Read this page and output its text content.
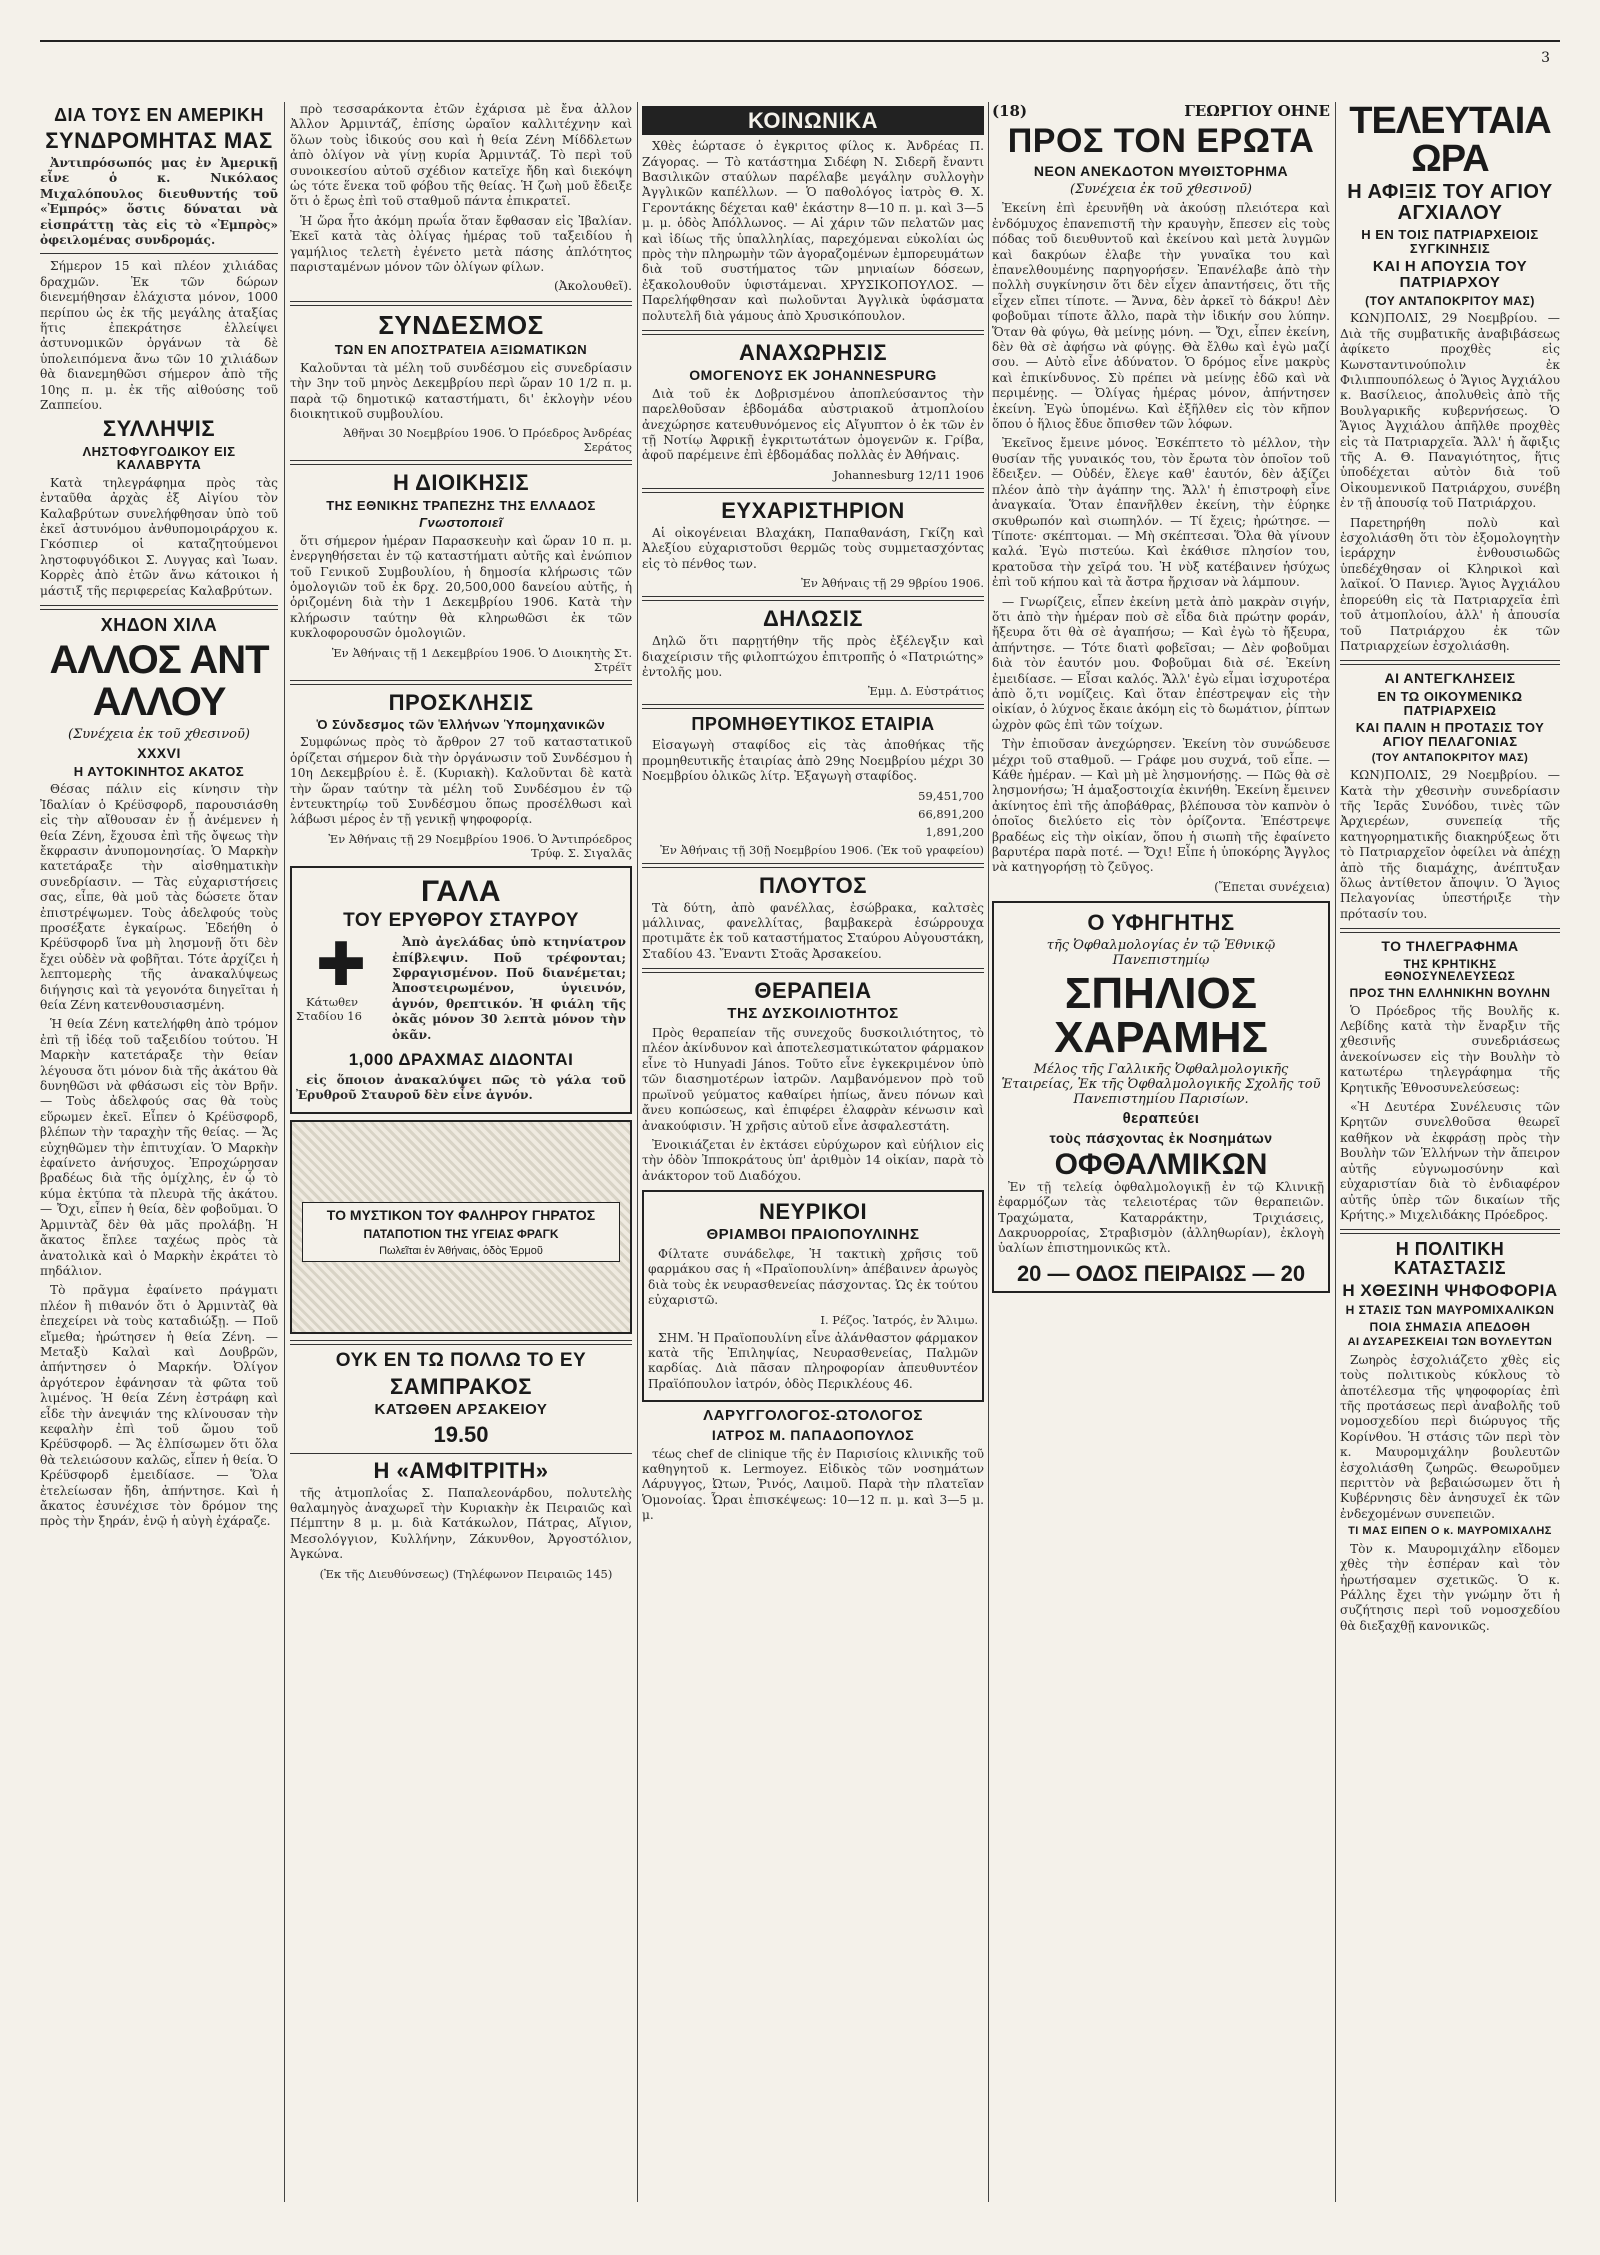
3
ΔΙΑ ΤΟΥΣ ΕΝ ΑΜΕΡΙΚΗ
ΣΥΝΔΡΟΜΗΤΑΣ ΜΑΣ
Ἀντιπρόσωπός μας ἐν Ἀμερικῇ εἶνε ὁ κ. Νικόλαος Μιχαλόπουλος διευθυντής τοῦ «Ἐμπρός» ὅστις δύναται νὰ εἰσπράττῃ τὰς εἰς τὸ «Ἐμπρὸς» ὀφειλομένας συνδρομάς.
Σήμερον 15 καὶ πλέον χιλιάδας δραχμῶν. Ἐκ τῶν δώρων διενεμήθησαν ἐλάχιστα μόνον, 1000 περίπου ὡς ἐκ τῆς μεγάλης ἀταξίας ἥτις ἐπεκράτησε ἐλλείψει ἀστυνομικῶν ὀργάνων τὰ δὲ ὑπολειπόμενα ἄνω τῶν 10 χιλιάδων θὰ διανεμηθῶσι σήμερον ἀπὸ τῆς 10ης π. μ. ἐκ τῆς αἰθούσης τοῦ Ζαππείου.
ΣΥΛΛΗΨΙΣ
ΛΗΣΤΟΦΥΓΟΔΙΚΟΥ ΕΙΣ ΚΑΛΑΒΡΥΤΑ
Κατὰ τηλεγράφημα πρὸς τὰς ἐνταῦθα ἀρχὰς ἐξ Αἰγίου τὸν Καλαβρύτων συνελήφθησαν ὑπὸ τοῦ ἐκεῖ ἀστυνόμου ἀνθυπομοιράρχου κ. Γκόσπιερ οἱ καταζητούμενοι ληστοφυγόδικοι Σ. Λυγγας καὶ Ἰωαν. Κορρὲς ἀπὸ ἐτῶν ἄνω κάτοικοι ἡ μάστιξ τῆς περιφερείας Καλαβρύτων.
ΧΗΔΟΝ ΧΙΛΑ
ΑΛΛΟΣ ΑΝΤ ΑΛΛΟΥ
(Συνέχεια ἐκ τοῦ χθεσινοῦ)
XXXVI
Η ΑΥΤΟΚΙΝΗΤΟΣ ΑΚΑΤΟΣ
Θέσας πάλιν εἰς κίνησιν τὴν Ἰδαλίαν ὁ Κρέϋσφορδ, παρουσιάσθη εἰς τὴν αἴθουσαν ἐν ᾗ ἀνέμενεν ἡ θεία Ζένη, ἔχουσα ἐπὶ τῆς ὄψεως τὴν ἔκφρασιν ἀνυπομονησίας. Ὁ Μαρκὴν κατετάραξε τὴν αἰσθηματικὴν συνεδρίασιν. — Τὰς εὐχαριστήσεις σας, εἶπε, θὰ μοῦ τὰς δώσετε ὅταν ἐπιστρέψωμεν. Τοὺς ἀδελφούς τοὺς προσέξατε ἐγκαίρως. Ἐδεήθη ὁ Κρέϋσφορδ ἵνα μὴ λησμονῇ ὅτι δὲν ἔχει οὐδὲν νὰ φοβῆται. Τότε ἀρχίζει ἡ λεπτομερὴς τῆς ἀνακαλύψεως διήγησις καὶ τὰ γεγονότα διηγεῖται ἡ θεία Ζένη κατενθουσιασμένη.
Ἡ θεία Ζένη κατελήφθη ἀπὸ τρόμον ἐπὶ τῇ ἰδέᾳ τοῦ ταξειδίου τούτου. Ἡ Μαρκὴν κατετάραξε τὴν θείαν λέγουσα ὅτι μόνον διὰ τῆς ἀκάτου θὰ δυνηθῶσι νὰ φθάσωσι εἰς τὸν Βρῆν. — Τοὺς ἀδελφούς σας θὰ τοὺς εὕρωμεν ἐκεῖ. Εἶπεν ὁ Κρέϋσφορδ, βλέπων τὴν ταραχὴν τῆς θείας. — Ἄς εὐχηθῶμεν τὴν ἐπιτυχίαν. Ὁ Μαρκὴν ἐφαίνετο ἀνήσυχος. Ἐπροχώρησαν βραδέως διὰ τῆς ὁμίχλης, ἐν ᾧ τὸ κύμα ἐκτύπα τὰ πλευρὰ τῆς ἀκάτου. — Ὄχι, εἶπεν ἡ θεία, δὲν φοβοῦμαι. Ὁ Ἀρμιντὰζ δὲν θὰ μᾶς προλάβῃ. Ἡ ἄκατος ἔπλεε ταχέως πρὸς τὰ ἀνατολικὰ καὶ ὁ Μαρκὴν ἐκράτει τὸ πηδάλιον.
Τὸ πρᾶγμα ἐφαίνετο πράγματι πλέον ἢ πιθανόν ὅτι ὁ Ἀρμιντὰζ θὰ ἐπεχείρει νὰ τοὺς καταδιώξῃ. — Ποῦ εἴμεθα; ἠρώτησεν ἡ θεία Ζένη. — Μεταξὺ Καλαὶ καὶ Δουβρῶν, ἀπήντησεν ὁ Μαρκήν. Ὀλίγον ἀργότερον ἐφάνησαν τὰ φῶτα τοῦ λιμένος. Ἡ θεία Ζένη ἐστράφη καὶ εἶδε τὴν ἀνεψιάν της κλίνουσαν τὴν κεφαλὴν ἐπὶ τοῦ ὤμου τοῦ Κρέϋσφορδ. — Ἄς ἐλπίσωμεν ὅτι ὅλα θὰ τελειώσουν καλῶς, εἶπεν ἡ θεία. Ὁ Κρέϋσφορδ ἐμειδίασε. — Ὅλα ἐτελείωσαν ἤδη, ἀπήντησε. Καὶ ἡ ἄκατος ἐσυνέχισε τὸν δρόμον της πρὸς τὴν ξηράν, ἐνῷ ἡ αὐγὴ ἐχάραζε.
πρὸ τεσσαράκοντα ἐτῶν ἐχάρισα μὲ ἔνα ἀλλον Ἀλλον Ἀρμιντάζ, ἐπίσης ὡραῖον καλλιτέχνην καὶ ὅλων τοὺς ἰδικούς σου καὶ ἡ θεία Ζένη Μίδδλετων ἀπὸ ὀλίγον νὰ γίνῃ κυρία Ἀρμιντάζ. Τὸ περὶ τοῦ συνοικεσίου αὐτοῦ σχέδιον κατεῖχε ἤδη καὶ διεκόψη ὡς τότε ἕνεκα τοῦ φόβου τῆς θείας. Ἡ ζωὴ μοῦ ἔδειξε ὅτι ὁ ἔρως ἐπὶ τοῦ σταθμοῦ πάντα ἐπικρατεῖ.
Ἡ ὥρα ἦτο ἀκόμη πρωΐα ὅταν ἔφθασαν εἰς Ἰβαλίαν. Ἐκεῖ κατὰ τὰς ὀλίγας ἡμέρας τοῦ ταξειδίου ἡ γαμήλιος τελετὴ ἐγένετο μετὰ πάσης ἁπλότητος παρισταμένων μόνον τῶν ὀλίγων φίλων.
(Ἀκολουθεῖ).
ΣΥΝΔΕΣΜΟΣ
ΤΩΝ ΕΝ ΑΠΟΣΤΡΑΤΕΙΑ ΑΞΙΩΜΑΤΙΚΩΝ
Καλοῦνται τὰ μέλη τοῦ συνδέσμου εἰς συνεδρίασιν τὴν 3ην τοῦ μηνὸς Δεκεμβρίου περὶ ὥραν 10 1/2 π. μ. παρὰ τῷ δημοτικῷ καταστήματι, δι' ἐκλογὴν νέου διοικητικοῦ συμβουλίου.
Ἀθῆναι 30 Νοεμβρίου 1906. Ὁ Πρόεδρος Ἀνδρέας Σεράτος
Η ΔΙΟΙΚΗΣΙΣ
ΤΗΣ ΕΘΝΙΚΗΣ ΤΡΑΠΕΖΗΣ ΤΗΣ ΕΛΛΑΔΟΣ
Γνωστοποιεῖ
ὅτι σήμερον ἡμέραν Παρασκευὴν καὶ ὥραν 10 π. μ. ἐνεργηθήσεται ἐν τῷ καταστήματι αὐτῆς καὶ ἐνώπιον τοῦ Γενικοῦ Συμβουλίου, ἡ δημοσία κλήρωσις τῶν ὁμολογιῶν τοῦ ἐκ δρχ. 20,500,000 δανείου αὐτῆς, ἡ ὁριζομένη διὰ τὴν 1 Δεκεμβρίου 1906. Κατὰ τὴν κλήρωσιν ταύτην θὰ κληρωθῶσι ἐκ τῶν κυκλοφορουσῶν ὁμολογιῶν.
Ἐν Ἀθήναις τῇ 1 Δεκεμβρίου 1906. Ὁ Διοικητὴς Στ. Στρέϊτ
ΠΡΟΣΚΛΗΣΙΣ
Ὁ Σύνδεσμος τῶν Ἑλλήνων Ὑπομηχανικῶν
Συμφώνως πρὸς τὸ ἄρθρον 27 τοῦ καταστατικοῦ ὁρίζεται σήμερον διὰ τὴν ὀργάνωσιν τοῦ Συνδέσμου ἡ 10η Δεκεμβρίου ἐ. ἔ. (Κυριακὴ). Καλοῦνται δὲ κατὰ τὴν ὥραν ταύτην τὰ μέλη τοῦ Συνδέσμου ἐν τῷ ἐντευκτηρίῳ τοῦ Συνδέσμου ὅπως προσέλθωσι καὶ λάβωσι μέρος ἐν τῇ γενικῇ ψηφοφορίᾳ.
Ἐν Ἀθήναις τῇ 29 Νοεμβρίου 1906. Ὁ Ἀντιπρόεδρος Τρύφ. Σ. Σιγαλᾶς
ΓΑΛΑ
ΤΟΥ ΕΡΥΘΡΟΥ ΣΤΑΥΡΟΥ
✚
Κάτωθεν Σταδίου 16
Ἀπὸ ἀγελάδας ὑπὸ κτηνίατρον ἐπίβλεψιν. Ποῦ τρέφονται; Σφραγισμένον. Ποῦ διανέμεται; Ἀποστειρωμένον, ὑγιεινόν, ἁγνόν, θρεπτικόν. Ἡ φιάλη τῆς ὀκᾶς μόνον 30 λεπτὰ μόνον τὴν ὀκᾶν.
1,000 ΔΡΑΧΜΑΣ ΔΙΔΟΝΤΑΙ
εἰς ὅποιον ἀνακαλύψει πῶς τὸ γάλα τοῦ Ἐρυθροῦ Σταυροῦ δὲν εἶνε ἁγνόν.
ΤΟ ΜΥΣΤΙΚΟΝ ΤΟΥ ΦΑΛΗΡΟΥ ΓΗΡΑΤΟΣ
ΠΑΤΑΠΟΤΙΟΝ ΤΗΣ ΥΓΕΙΑΣ ΦΡΑΓΚ
Πωλεῖται ἐν Ἀθήναις, ὁδὸς Ἑρμοῦ
ΟΥΚ ΕΝ ΤΩ ΠΟΛΛΩ ΤΟ ΕΥ
ΣΑΜΠΡΑΚΟΣ
ΚΑΤΩΘΕΝ ΑΡΣΑΚΕΙΟΥ
19.50
Η «ΑΜΦΙΤΡΙΤΗ»
τῆς ἀτμοπλοΐας Σ. Παπαλεονάρδου, πολυτελὴς θαλαμηγὸς ἀναχωρεῖ τὴν Κυριακὴν ἐκ Πειραιῶς καὶ Πέμπτην 8 μ. μ. διὰ Κατάκωλον, Πάτρας, Αἴγιον, Μεσολόγγιον, Κυλλήνην, Ζάκυνθον, Ἀργοστόλιον, Ἀγκώνα.
(Ἐκ τῆς Διευθύνσεως) (Τηλέφωνον Πειραιῶς 145)
ΚΟΙΝΩΝΙΚΑ
Χθὲς ἑώρτασε ὁ ἐγκριτος φίλος κ. Ἀνδρέας Π. Ζάγορας. — Τὸ κατάστημα Σιδέφη Ν. Σιδερῆ ἔναντι Βασιλικῶν σταύλων παρέλαβε μεγάλην συλλογὴν Ἀγγλικῶν καπέλλων. — Ὁ παθολόγος ἰατρὸς Θ. Χ. Γεροντάκης δέχεται καθ' ἑκάστην 8—10 π. μ. καὶ 3—5 μ. μ. ὁδὸς Ἀπόλλωνος. — Αἱ χάριν τῶν πελατῶν μας καὶ ἰδίως τῆς ὑπαλληλίας, παρεχόμεναι εὐκολίαι ὡς πρὸς τὴν πληρωμὴν τῶν ἀγοραζομένων ἐμπορευμάτων διὰ τοῦ συστήματος τῶν μηνιαίων δόσεων, ἐξακολουθοῦν ὑφιστάμεναι. ΧΡΥΣΙΚΟΠΟΥΛΟΣ. — Παρελήφθησαν καὶ πωλοῦνται Ἀγγλικὰ ὑφάσματα πολυτελῆ διὰ γάμους ἀπὸ Χρυσικόπουλον.
ΑΝΑΧΩΡΗΣΙΣ
ΟΜΟΓΕΝΟΥΣ ΕΚ JOHANNESPURG
Διὰ τοῦ ἐκ Δοβρισμένου ἀποπλεύσαντος τὴν παρελθοῦσαν ἑβδομάδα αὐστριακοῦ ἀτμοπλοίου ἀνεχώρησε κατευθυνόμενος εἰς Αἴγυπτον ὁ ἐκ τῶν ἐν τῇ Νοτίῳ Ἀφρικῇ ἐγκριτωτάτων ὁμογενῶν κ. Γρίβα, ἀφοῦ παρέμεινε ἐπὶ ἑβδομάδας πολλὰς ἐν Ἀθήναις.
Johannesburg 12/11 1906
ΕΥΧΑΡΙΣΤΗΡΙΟΝ
Αἱ οἰκογένειαι Βλαχάκη, Παπαθανάση, Γκίζη καὶ Ἀλεξίου εὐχαριστοῦσι θερμῶς τοὺς συμμετασχόντας εἰς τὸ πένθος των.
Ἐν Ἀθήναις τῇ 29 9βρίου 1906.
ΔΗΛΩΣΙΣ
Δηλῶ ὅτι παρῃτήθην τῆς πρὸς ἐξέλεγξιν καὶ διαχείρισιν τῆς φιλοπτώχου ἐπιτροπῆς ὁ «Πατριώτης» ἐντολῆς μου.
Ἐμμ. Δ. Εὐστράτιος
ΠΡΟΜΗΘΕΥΤΙΚΟΣ ΕΤΑΙΡΙΑ
Εἰσαγωγὴ σταφίδος εἰς τὰς ἀποθήκας τῆς προμηθευτικῆς ἑταιρίας ἀπὸ 29ης Νοεμβρίου μέχρι 30 Νοεμβρίου ὁλικῶς λίτρ. Ἐξαγωγὴ σταφίδος.
59,451,700
66,891,200
1,891,200
Ἐν Ἀθήναις τῇ 30ῇ Νοεμβρίου 1906. (Ἐκ τοῦ γραφείου)
ΠΛΟΥΤΟΣ
Τὰ δύτη, ἀπὸ φανέλλας, ἐσώβρακα, καλτσὲς μάλλινας, φανελλίτας, βαμβακερὰ ἐσώρρουχα προτιμᾶτε ἐκ τοῦ καταστήματος Σταύρου Αὐγουστάκη, Σταδίου 43. Ἔναντι Στοᾶς Ἀρσακείου.
ΘΕΡΑΠΕΙΑ
ΤΗΣ ΔΥΣΚΟΙΛΙΟΤΗΤΟΣ
Πρὸς θεραπείαν τῆς συνεχοῦς δυσκοιλιότητος, τὸ πλέον ἀκίνδυνον καὶ ἀποτελεσματικώτατον φάρμακον εἶνε τὸ Hunyadi János. Τοῦτο εἶνε ἐγκεκριμένον ὑπὸ τῶν διασημοτέρων ἰατρῶν. Λαμβανόμενον πρὸ τοῦ πρωϊνοῦ γεύματος καθαίρει ἡπίως, ἄνευ πόνων καὶ ἄνευ κοπώσεως, καὶ ἐπιφέρει ἐλαφρὰν κένωσιν καὶ ἀνακούφισιν. Ἡ χρῆσις αὐτοῦ εἶνε ἀσφαλεστάτη.
Ἐνοικιάζεται ἐν ἐκτάσει εὐρύχωρον καὶ εὐήλιον εἰς τὴν ὁδὸν Ἰπποκράτους ὑπ' ἀριθμὸν 14 οἰκίαν, παρὰ τὸ ἀνάκτορον τοῦ Διαδόχου.
ΝΕΥΡΙΚΟΙ
ΘΡΙΑΜΒΟΙ ΠΡΑΙΟΠΟΥΛΙΝΗΣ
Φίλτατε συνάδελφε, Ἡ τακτικὴ χρῆσις τοῦ φαρμάκου σας ἡ «Πραϊοπουλίνη» ἀπέβαινεν ἀρωγὸς διὰ τοὺς ἐκ νευρασθενείας πάσχοντας. Ὡς ἐκ τούτου εὐχαριστῶ.
Ι. Ρέζος. Ἰατρός, ἐν Ἄλιμω.
ΣΗΜ. Ἡ Πραϊοπουλίνη εἶνε ἀλάνθαστον φάρμακον κατὰ τῆς Ἐπιληψίας, Νευρασθενείας, Παλμῶν καρδίας. Διὰ πᾶσαν πληροφορίαν ἀπευθυντέον Πραϊόπουλον ἰατρόν, ὁδὸς Περικλέους 46.
ΛΑΡΥΓΓΟΛΟΓΟΣ-ΩΤΟΛΟΓΟΣ
ΙΑΤΡΟΣ Μ. ΠΑΠΑΔΟΠΟΥΛΟΣ
τέως chef de clinique τῆς ἐν Παρισίοις κλινικῆς τοῦ καθηγητοῦ κ. Lermoyez. Εἰδικὸς τῶν νοσημάτων Λάρυγγος, Ὠτων, Ῥινός, Λαιμοῦ. Παρὰ τὴν πλατεῖαν Ὁμονοίας. Ὧραι ἐπισκέψεως: 10—12 π. μ. καὶ 3—5 μ. μ.
(18)	ΓΕΩΡΓΙΟΥ ΟΗΝΕ
ΠΡΟΣ ΤΟΝ ΕΡΩΤΑ
ΝΕΟΝ ΑΝΕΚΔΟΤΟΝ ΜΥΘΙΣΤΟΡΗΜΑ
(Συνέχεια ἐκ τοῦ χθεσινοῦ)
Ἐκείνη ἐπὶ ἐρευνῆθη νὰ ἀκούσῃ πλειότερα καὶ ἐνδόμυχος ἐπανεπιστῆ τὴν κραυγὴν, ἔπεσεν εἰς τοὺς πόδας τοῦ διευθυντοῦ καὶ ἐκείνου καὶ μετὰ λυγμῶν καὶ δακρύων ἐλαβε τὴν γυναῖκα του καὶ ἐπανελθουμένης παρηγορήσεν. Ἐπανέλαβε ἀπὸ τὴν πολλὴ συγκίνησιν ὅτι δὲν εἶχεν ἀπαντήσεις, ὅτι τῆς εἶχεν εἴπει τίποτε. — Ἄννα, δὲν ἀρκεῖ τὸ δάκρυ! Δὲν φοβοῦμαι τίποτε ἄλλο, παρὰ τὴν ἰδικήν σου λύπην. Ὅταν θὰ φύγω, θὰ μείνῃς μόνη. — Ὄχι, εἶπεν ἐκείνη, δὲν θὰ σὲ ἀφήσω νὰ φύγῃς. Θὰ ἔλθω καὶ ἐγὼ μαζί σου. — Αὐτὸ εἶνε ἀδύνατον. Ὁ δρόμος εἶνε μακρὺς καὶ ἐπικίνδυνος. Σὺ πρέπει νὰ μείνῃς ἐδῶ καὶ νὰ περιμένῃς. — Ὀλίγας ἡμέρας μόνον, ἀπήντησεν ἐκείνη. Ἐγὼ ὑπομένω. Καὶ ἐξῆλθεν εἰς τὸν κῆπον ὅπου ὁ ἥλιος ἔδυε ὄπισθεν τῶν λόφων.
Ἐκεῖνος ἔμεινε μόνος. Ἐσκέπτετο τὸ μέλλον, τὴν θυσίαν τῆς γυναικός του, τὸν ἔρωτα τὸν ὁποῖον τοῦ ἔδειξεν. — Οὐδέν, ἔλεγε καθ' ἑαυτόν, δὲν ἀξίζει πλέον ἀπὸ τὴν ἀγάπην της. Ἄλλ' ἡ ἐπιστροφὴ εἶνε ἀναγκαία. Ὅταν ἐπανῆλθεν ἐκείνη, τὴν ἐύρηκε σκυθρωπόν καὶ σιωπηλόν. — Τί ἔχεις; ἠρώτησε. — Τίποτε· σκέπτομαι. — Μὴ σκέπτεσαι. Ὅλα θὰ γίνουν καλά. Ἐγὼ πιστεύω. Καὶ ἐκάθισε πλησίον του, κρατοῦσα τὴν χεῖρά του. Ἡ νὺξ κατέβαινεν ἡσύχως ἐπὶ τοῦ κήπου καὶ τὰ ἄστρα ἤρχισαν νὰ λάμπουν.
— Γνωρίζεις, εἶπεν ἐκείνη μετὰ ἀπὸ μακρὰν σιγήν, ὅτι ἀπὸ τὴν ἡμέραν ποὺ σὲ εἶδα διὰ πρώτην φοράν, ἤξευρα ὅτι θὰ σὲ ἀγαπήσω; — Καὶ ἐγὼ τὸ ἤξευρα, ἀπήντησε. — Τότε διατὶ φοβεῖσαι; — Δὲν φοβοῦμαι διὰ τὸν ἑαυτόν μου. Φοβοῦμαι διὰ σέ. Ἐκείνη ἐμειδίασε. — Εἶσαι καλός. Ἄλλ' ἐγὼ εἶμαι ἰσχυροτέρα ἀπὸ ὅ,τι νομίζεις. Καὶ ὅταν ἐπέστρεψαν εἰς τὴν οἰκίαν, ὁ λύχνος ἔκαιε ἀκόμη εἰς τὸ δωμάτιον, ῥίπτων ὠχρὸν φῶς ἐπὶ τῶν τοίχων.
Τὴν ἐπιοῦσαν ἀνεχώρησεν. Ἐκείνη τὸν συνώδευσε μέχρι τοῦ σταθμοῦ. — Γράφε μου συχνά, τοῦ εἶπε. — Κάθε ἡμέραν. — Καὶ μὴ μὲ λησμονήσῃς. — Πῶς θὰ σὲ λησμονήσω; Ἡ ἁμαξοστοιχία ἐκινήθη. Ἐκείνη ἔμεινεν ἀκίνητος ἐπὶ τῆς ἀποβάθρας, βλέπουσα τὸν καπνὸν ὁ ὁποῖος διελύετο εἰς τὸν ὁρίζοντα. Ἐπέστρεψε βραδέως εἰς τὴν οἰκίαν, ὅπου ἡ σιωπὴ τῆς ἐφαίνετο βαρυτέρα παρὰ ποτέ. — Ὄχι! Εἶπε ἡ ὑποκόρης Ἄγγλος νὰ κατηγορήσῃ τὸ ζεῦγος.
(Ἔπεται συνέχεια)
Ο ΥΦΗΓΗΤΗΣ
τῆς Ὀφθαλμολογίας ἐν τῷ Ἐθνικῷ Πανεπιστημίῳ
ΣΠΗΛΙΟΣ
ΧΑΡΑΜΗΣ
Μέλος τῆς Γαλλικῆς Ὀφθαλμολογικῆς Ἑταιρείας, Ἐκ τῆς Ὀφθαλμολογικῆς Σχολῆς τοῦ Πανεπιστημίου Παρισίων.
θεραπεύει
τοὺς πάσχοντας ἐκ Νοσημάτων
ΟΦΘΑΛΜΙΚΩΝ
Ἐν τῇ τελείᾳ ὀφθαλμολογικῇ ἐν τῷ Κλινικῇ ἐφαρμόζων τὰς τελειοτέρας τῶν θεραπειῶν. Τραχώματα, Καταρράκτην, Τριχιάσεις, Δακρυορροίας, Στραβισμὸν (ἀλληθωρίαν), ἐκλογὴ ὑαλίων ἐπιστημονικῶς κτλ.
20 — ΟΔΟΣ ΠΕΙΡΑΙΩΣ — 20
ΤΕΛΕΥΤΑΙΑ ΩΡΑ
Η ΑΦΙΞΙΣ ΤΟΥ ΑΓΙΟΥ ΑΓΧΙΑΛΟΥ
Η ΕΝ ΤΟΙΣ ΠΑΤΡΙΑΡΧΕΙΟΙΣ ΣΥΓΚΙΝΗΣΙΣ
ΚΑΙ Η ΑΠΟΥΣΙΑ ΤΟΥ ΠΑΤΡΙΑΡΧΟΥ
(ΤΟΥ ΑΝΤΑΠΟΚΡΙΤΟΥ ΜΑΣ)
ΚΩΝ)ΠΟΛΙΣ, 29 Νοεμβρίου. — Διὰ τῆς συμβατικῆς ἀναβιβάσεως ἀφίκετο προχθὲς εἰς Κωνσταντινούπολιν ἐκ Φιλιππουπόλεως ὁ Ἅγιος Ἀγχιάλου κ. Βασίλειος, ἀπολυθεὶς ἀπὸ τῆς Βουλγαρικῆς κυβερνήσεως. Ὁ Ἅγιος Ἀγχιάλου ἀπῆλθε προχθὲς εἰς τὰ Πατριαρχεῖα. Ἄλλ' ἡ ἄφιξις τῆς Α. Θ. Παναγιότητος, ἥτις ὑποδέχεται αὐτὸν διὰ τοῦ Οἰκουμενικοῦ Πατριάρχου, συνέβη ἐν τῇ ἀπουσίᾳ τοῦ Πατριάρχου.
Παρετηρήθη πολὺ καὶ ἐσχολιάσθη ὅτι τὸν ἐξομολογητὴν ἱεράρχην ἐνθουσιωδῶς ὑπεδέχθησαν οἱ Κληρικοὶ καὶ λαϊκοί. Ὁ Πανιερ. Ἅγιος Ἀγχιάλου ἐπορεύθη εἰς τὰ Πατριαρχεῖα ἐπὶ τοῦ ἀτμοπλοίου, ἀλλ' ἡ ἀπουσία τοῦ Πατριάρχου ἐκ τῶν Πατριαρχείων ἐσχολιάσθη.
ΑΙ ΑΝΤΕΓΚΛΗΣΕΙΣ
ΕΝ ΤΩ ΟΙΚΟΥΜΕΝΙΚΩ ΠΑΤΡΙΑΡΧΕΙΩ
ΚΑΙ ΠΑΛΙΝ Η ΠΡΟΤΑΣΙΣ ΤΟΥ ΑΓΙΟΥ ΠΕΛΑΓΟΝΙΑΣ
(ΤΟΥ ΑΝΤΑΠΟΚΡΙΤΟΥ ΜΑΣ)
ΚΩΝ)ΠΟΛΙΣ, 29 Νοεμβρίου. — Κατὰ τὴν χθεσινὴν συνεδρίασιν τῆς Ἱερᾶς Συνόδου, τινὲς τῶν Ἀρχιερέων, συνεπείᾳ τῆς κατηγορηματικῆς διακηρύξεως ὅτι τὸ Πατριαρχεῖον ὀφείλει νὰ ἀπέχῃ ἀπὸ τῆς διαμάχης, ἀνέπτυξαν ὅλως ἀντίθετον ἄποψιν. Ὁ Ἅγιος Πελαγονίας ὑπεστήριξε τὴν πρότασίν του.
ΤΟ ΤΗΛΕΓΡΑΦΗΜΑ
ΤΗΣ ΚΡΗΤΙΚΗΣ ΕΘΝΟΣΥΝΕΛΕΥΣΕΩΣ
ΠΡΟΣ ΤΗΝ ΕΛΛΗΝΙΚΗΝ ΒΟΥΛΗΝ
Ὁ Πρόεδρος τῆς Βουλῆς κ. Λεβίδης κατὰ τὴν ἔναρξιν τῆς χθεσινῆς συνεδριάσεως ἀνεκοίνωσεν εἰς τὴν Βουλὴν τὸ κατωτέρω τηλεγράφημα τῆς Κρητικῆς Ἐθνοσυνελεύσεως:
«Ἡ Δευτέρα Συνέλευσις τῶν Κρητῶν συνελθοῦσα θεωρεῖ καθῆκον νὰ ἐκφράσῃ πρὸς τὴν Βουλὴν τῶν Ἑλλήνων τὴν ἄπειρον αὐτῆς εὐγνωμοσύνην καὶ εὐχαριστίαν διὰ τὸ ἐνδιαφέρον αὐτῆς ὑπὲρ τῶν δικαίων τῆς Κρήτης.» Μιχελιδάκης Πρόεδρος.
Η ΠΟΛΙΤΙΚΗ ΚΑΤΑΣΤΑΣΙΣ
Η ΧΘΕΣΙΝΗ ΨΗΦΟΦΟΡΙΑ
Η ΣΤΑΣΙΣ ΤΩΝ ΜΑΥΡΟΜΙΧΑΛΙΚΩΝ
ΠΟΙΑ ΣΗΜΑΣΙΑ ΑΠΕΔΟΘΗ
ΑΙ ΔΥΣΑΡΕΣΚΕΙΑΙ ΤΩΝ ΒΟΥΛΕΥΤΩΝ
Ζωηρὸς ἐσχολιάζετο χθὲς εἰς τοὺς πολιτικοὺς κύκλους τὸ ἀποτέλεσμα τῆς ψηφοφορίας ἐπὶ τῆς προτάσεως περὶ ἀναβολῆς τοῦ νομοσχεδίου περὶ διώρυγος τῆς Κορίνθου. Ἡ στάσις τῶν περὶ τὸν κ. Μαυρομιχάλην βουλευτῶν ἐσχολιάσθη ζωηρῶς. Θεωροῦμεν περιττὸν νὰ βεβαιώσωμεν ὅτι ἡ Κυβέρνησις δὲν ἀνησυχεῖ ἐκ τῶν ἐνδεχομένων συνεπειῶν.
ΤΙ ΜΑΣ ΕΙΠΕΝ Ο κ. ΜΑΥΡΟΜΙΧΑΛΗΣ
Τὸν κ. Μαυρομιχάλην εἴδομεν χθὲς τὴν ἑσπέραν καὶ τὸν ἠρωτήσαμεν σχετικῶς. Ὁ κ. Ράλλης ἔχει τὴν γνώμην ὅτι ἡ συζήτησις περὶ τοῦ νομοσχεδίου θὰ διεξαχθῇ κανονικῶς.
